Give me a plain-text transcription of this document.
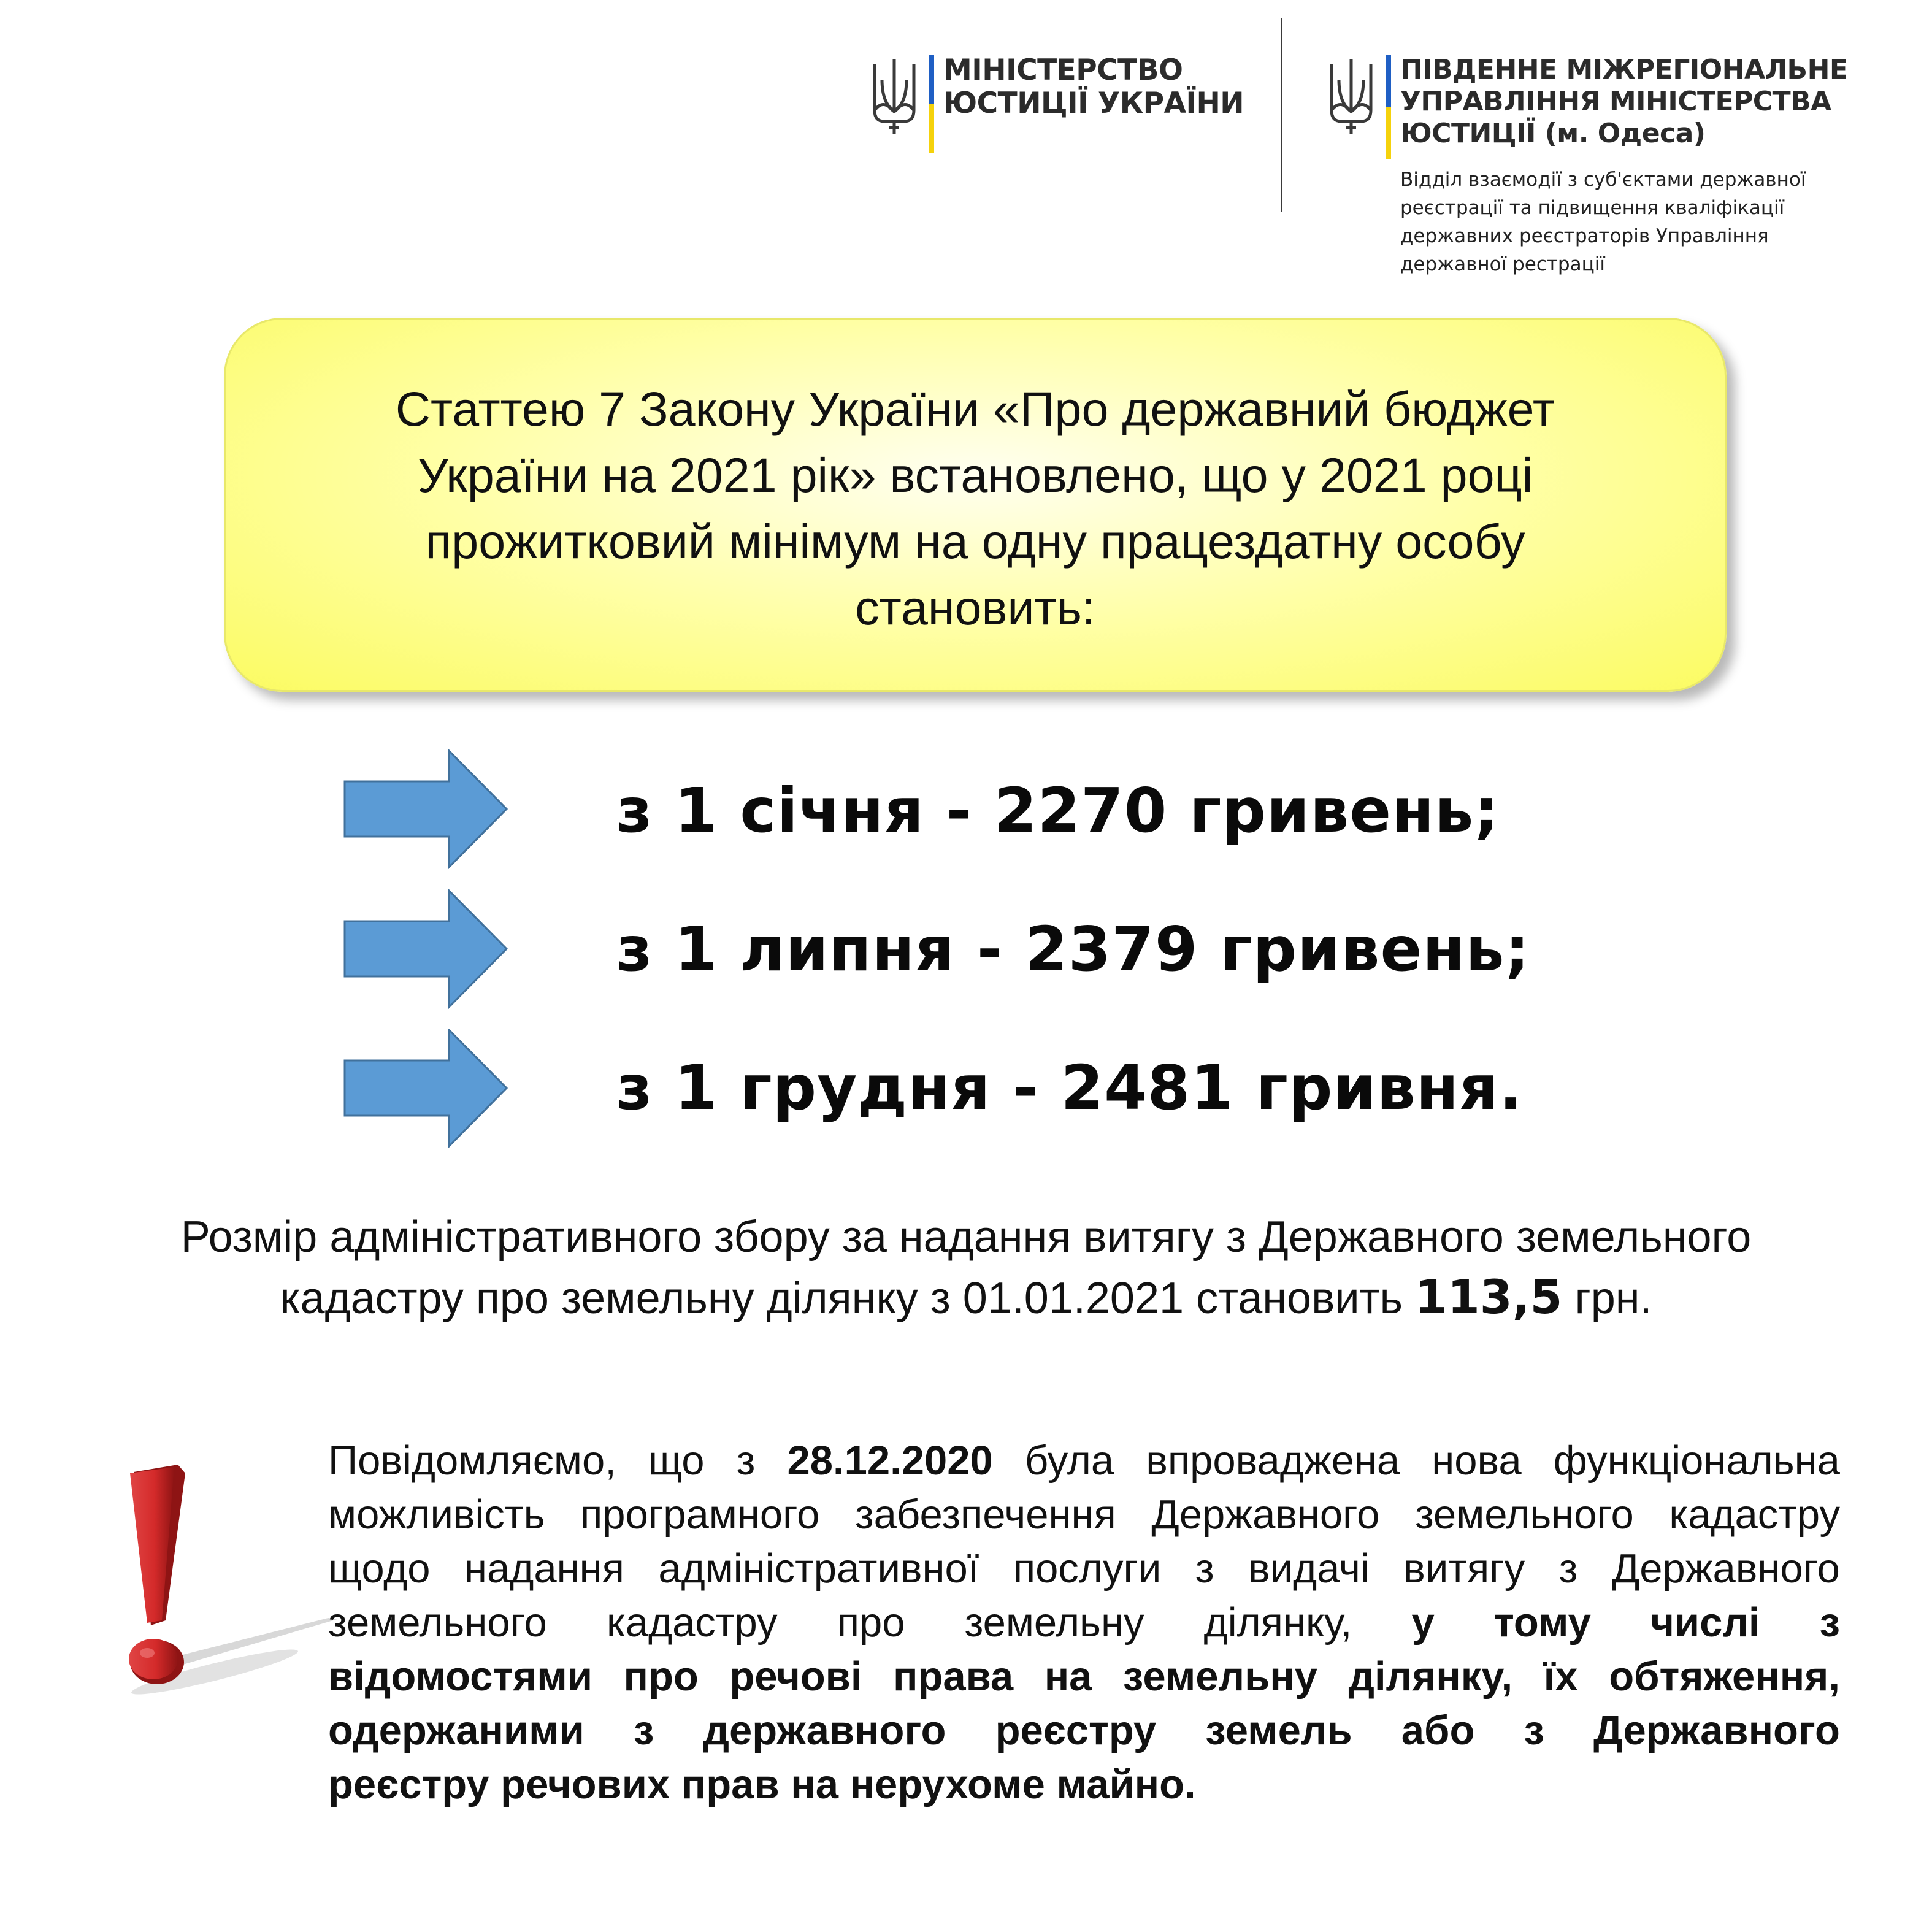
МІНІСТЕРСТВО
ЮСТИЦІЇ УКРАЇНИ
ПІВДЕННЕ МІЖРЕГІОНАЛЬНЕ
УПРАВЛІННЯ МІНІСТЕРСТВА
ЮСТИЦІЇ (м. Одеса)
Відділ взаємодії з суб'єктами державної
реєстрації та підвищення кваліфікації
державних реєстраторів Управління
державної рестрації
Статтею 7 Закону України «Про державний бюджет
України на 2021 рік» встановлено, що у 2021 році
прожитковий мінімум на одну працездатну особу
становить:
з 1 січня - 2270 гривень;
з 1 липня - 2379 гривень;
з 1 грудня - 2481 гривня.
Розмір адміністративного збору за надання витягу з Державного земельного
кадастру про земельну ділянку з 01.01.2021 становить 113,5 грн.
Повідомляємо, що з 28.12.2020 була впроваджена нова функціональна
можливість програмного забезпечення Державного земельного кадастру
щодо надання адміністративної послуги з видачі витягу з Державного
земельного кадастру про земельну ділянку, у тому числі з
відомостями про речові права на земельну ділянку, їх обтяження,
одержаними з державного реєстру земель або з Державного
реєстру речових прав на нерухоме майно.
